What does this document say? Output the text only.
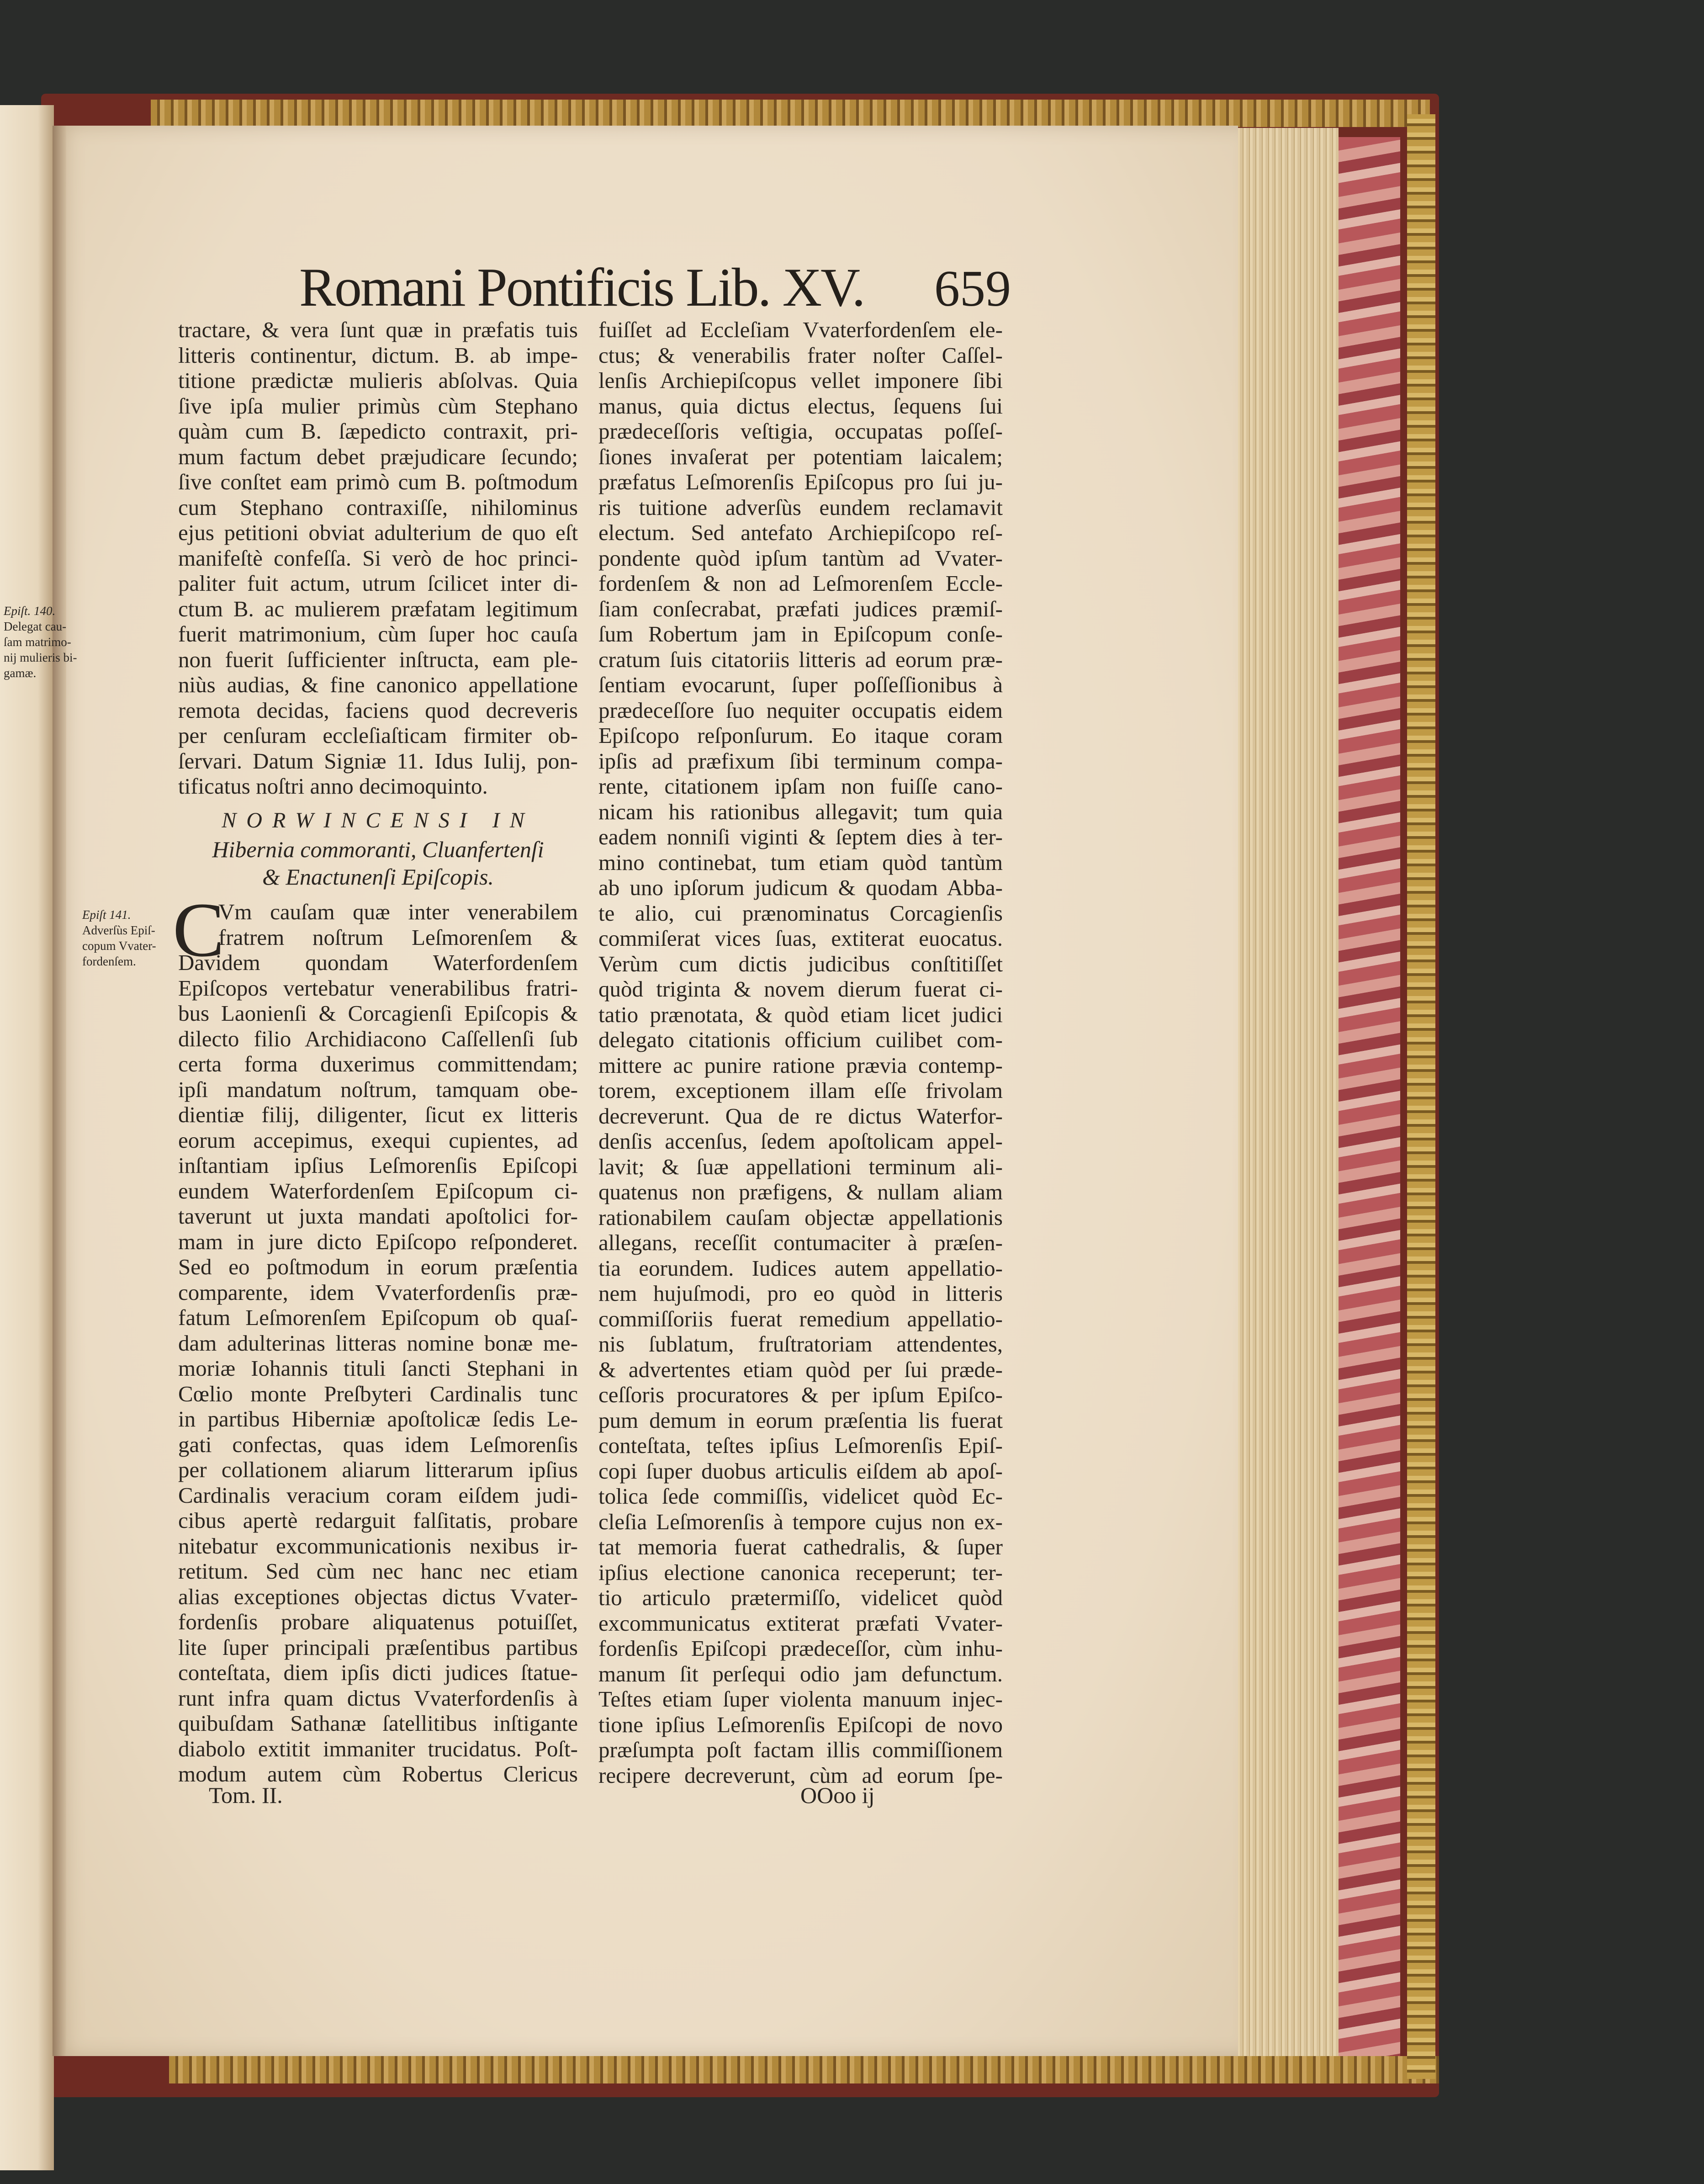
Epiſt. 140.
Delegat cau-
ſam matrimo-
nij mulieris bi-
gamæ.
Romani Pontificis Lib. XV. 659
Epiſt 141.
Adverſùs Epiſ-
copum Vvater-
fordenſem.
tractare, & vera ſunt quæ in præfatis tuis
litteris continentur, dictum. B. ab impe-
titione prædictæ mulieris abſolvas. Quia
ſive ipſa mulier primùs cùm Stephano
quàm cum B. ſæpedicto contraxit, pri-
mum factum debet præjudicare ſecundo;
ſive conſtet eam primò cum B. poſtmodum
cum Stephano contraxiſſe, nihilominus
ejus petitioni obviat adulterium de quo eſt
manifeſtè confeſſa. Si verò de hoc princi-
paliter fuit actum, utrum ſcilicet inter di-
ctum B. ac mulierem præfatam legitimum
fuerit matrimonium, cùm ſuper hoc cauſa
non fuerit ſufficienter inſtructa, eam ple-
niùs audias, & fine canonico appellatione
remota decidas, faciens quod decreveris
per cenſuram eccleſiaſticam firmiter ob-
ſervari. Datum Signiæ 11. Idus Iulij, pon-
tificatus noſtri anno decimoquinto.
NORWINCENSI IN
Hibernia commoranti, Cluanfertenſi
& Enactunenſi Epiſcopis.
C
Vm cauſam quæ inter venerabilem
fratrem noſtrum Leſmorenſem &
Davidem quondam Waterfordenſem
Epiſcopos vertebatur venerabilibus fratri-
bus Laonienſi & Corcagienſi Epiſcopis &
dilecto filio Archidiacono Caſſellenſi ſub
certa forma duxerimus committendam;
ipſi mandatum noſtrum, tamquam obe-
dientiæ filij, diligenter, ſicut ex litteris
eorum accepimus, exequi cupientes, ad
inſtantiam ipſius Leſmorenſis Epiſcopi
eundem Waterfordenſem Epiſcopum ci-
taverunt ut juxta mandati apoſtolici for-
mam in jure dicto Epiſcopo reſponderet.
Sed eo poſtmodum in eorum præſentia
comparente, idem Vvaterfordenſis præ-
fatum Leſmorenſem Epiſcopum ob quaſ-
dam adulterinas litteras nomine bonæ me-
moriæ Iohannis tituli ſancti Stephani in
Cœlio monte Preſbyteri Cardinalis tunc
in partibus Hiberniæ apoſtolicæ ſedis Le-
gati confectas, quas idem Leſmorenſis
per collationem aliarum litterarum ipſius
Cardinalis veracium coram eiſdem judi-
cibus apertè redarguit falſitatis, probare
nitebatur excommunicationis nexibus ir-
retitum. Sed cùm nec hanc nec etiam
alias exceptiones objectas dictus Vvater-
fordenſis probare aliquatenus potuiſſet,
lite ſuper principali præſentibus partibus
conteſtata, diem ipſis dicti judices ſtatue-
runt infra quam dictus Vvaterfordenſis à
quibuſdam Sathanæ ſatellitibus inſtigante
diabolo extitit immaniter trucidatus. Poſt-
modum autem cùm Robertus Clericus
fuiſſet ad Eccleſiam Vvaterfordenſem ele-
ctus; & venerabilis frater noſter Caſſel-
lenſis Archiepiſcopus vellet imponere ſibi
manus, quia dictus electus, ſequens ſui
prædeceſſoris veſtigia, occupatas poſſeſ-
ſiones invaſerat per potentiam laicalem;
præfatus Leſmorenſis Epiſcopus pro ſui ju-
ris tuitione adverſùs eundem reclamavit
electum. Sed antefato Archiepiſcopo reſ-
pondente quòd ipſum tantùm ad Vvater-
fordenſem & non ad Leſmorenſem Eccle-
ſiam conſecrabat, præfati judices præmiſ-
ſum Robertum jam in Epiſcopum conſe-
cratum ſuis citatoriis litteris ad eorum præ-
ſentiam evocarunt, ſuper poſſeſſionibus à
prædeceſſore ſuo nequiter occupatis eidem
Epiſcopo reſponſurum. Eo itaque coram
ipſis ad præfixum ſibi terminum compa-
rente, citationem ipſam non fuiſſe cano-
nicam his rationibus allegavit; tum quia
eadem nonniſi viginti & ſeptem dies à ter-
mino continebat, tum etiam quòd tantùm
ab uno ipſorum judicum & quodam Abba-
te alio, cui prænominatus Corcagienſis
commiſerat vices ſuas, extiterat euocatus.
Verùm cum dictis judicibus conſtitiſſet
quòd triginta & novem dierum fuerat ci-
tatio prænotata, & quòd etiam licet judici
delegato citationis officium cuilibet com-
mittere ac punire ratione prævia contemp-
torem, exceptionem illam eſſe frivolam
decreverunt. Qua de re dictus Waterfor-
denſis accenſus, ſedem apoſtolicam appel-
lavit; & ſuæ appellationi terminum ali-
quatenus non præfigens, & nullam aliam
rationabilem cauſam objectæ appellationis
allegans, receſſit contumaciter à præſen-
tia eorundem. Iudices autem appellatio-
nem hujuſmodi, pro eo quòd in litteris
commiſſoriis fuerat remedium appellatio-
nis ſublatum, fruſtratoriam attendentes,
& advertentes etiam quòd per ſui præde-
ceſſoris procuratores & per ipſum Epiſco-
pum demum in eorum præſentia lis fuerat
conteſtata, teſtes ipſius Leſmorenſis Epiſ-
copi ſuper duobus articulis eiſdem ab apoſ-
tolica ſede commiſſis, videlicet quòd Ec-
cleſia Leſmorenſis à tempore cujus non ex-
tat memoria fuerat cathedralis, & ſuper
ipſius electione canonica receperunt; ter-
tio articulo prætermiſſo, videlicet quòd
excommunicatus extiterat præfati Vvater-
fordenſis Epiſcopi prædeceſſor, cùm inhu-
manum ſit perſequi odio jam defunctum.
Teſtes etiam ſuper violenta manuum injec-
tione ipſius Leſmorenſis Epiſcopi de novo
præſumpta poſt factam illis commiſſionem
recipere decreverunt, cùm ad eorum ſpe-
Tom. II.	OOoo ij
